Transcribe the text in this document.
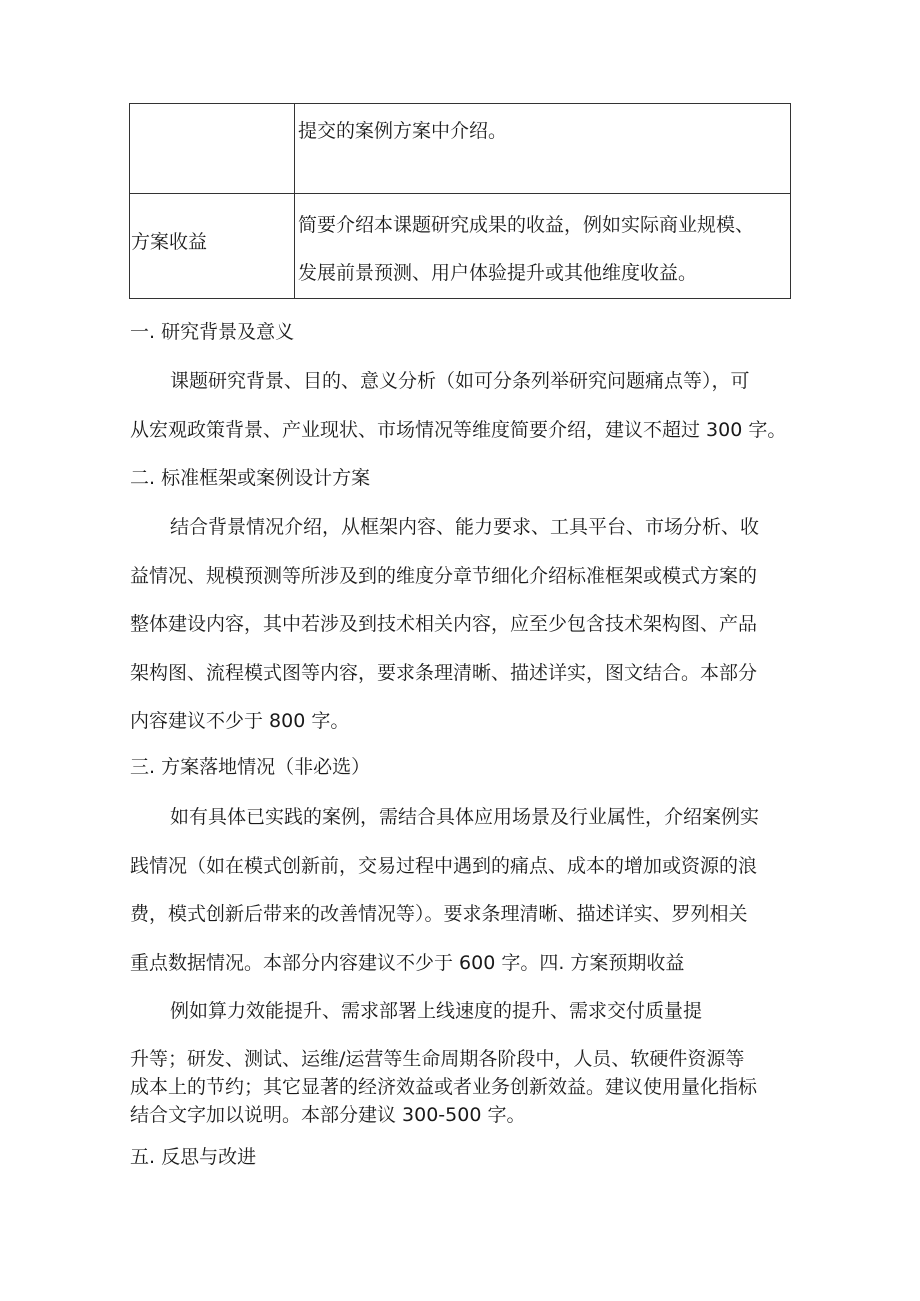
	提交的案例方案中介绍。

方案收益	简要介绍本课题研究成果的收益，例如实际商业规模、
发展前景预测、用户体验提升或其他维度收益。
一. 研究背景及意义
课题研究背景、目的、意义分析（如可分条列举研究问题痛点等），可
从宏观政策背景、产业现状、市场情况等维度简要介绍，建议不超过 300 字。
二. 标准框架或案例设计方案
结合背景情况介绍，从框架内容、能力要求、工具平台、市场分析、收
益情况、规模预测等所涉及到的维度分章节细化介绍标准框架或模式方案的
整体建设内容，其中若涉及到技术相关内容，应至少包含技术架构图、产品
架构图、流程模式图等内容，要求条理清晰、描述详实，图文结合。本部分
内容建议不少于 800 字。
三. 方案落地情况（非必选）
如有具体已实践的案例，需结合具体应用场景及行业属性，介绍案例实
践情况（如在模式创新前，交易过程中遇到的痛点、成本的增加或资源的浪
费，模式创新后带来的改善情况等）。要求条理清晰、描述详实、罗列相关
重点数据情况。本部分内容建议不少于 600 字。四. 方案预期收益
例如算力效能提升、需求部署上线速度的提升、需求交付质量提
升等；研发、测试、运维/运营等生命周期各阶段中，人员、软硬件资源等
成本上的节约；其它显著的经济效益或者业务创新效益。建议使用量化指标
结合文字加以说明。本部分建议 300-500 字。
五. 反思与改进
